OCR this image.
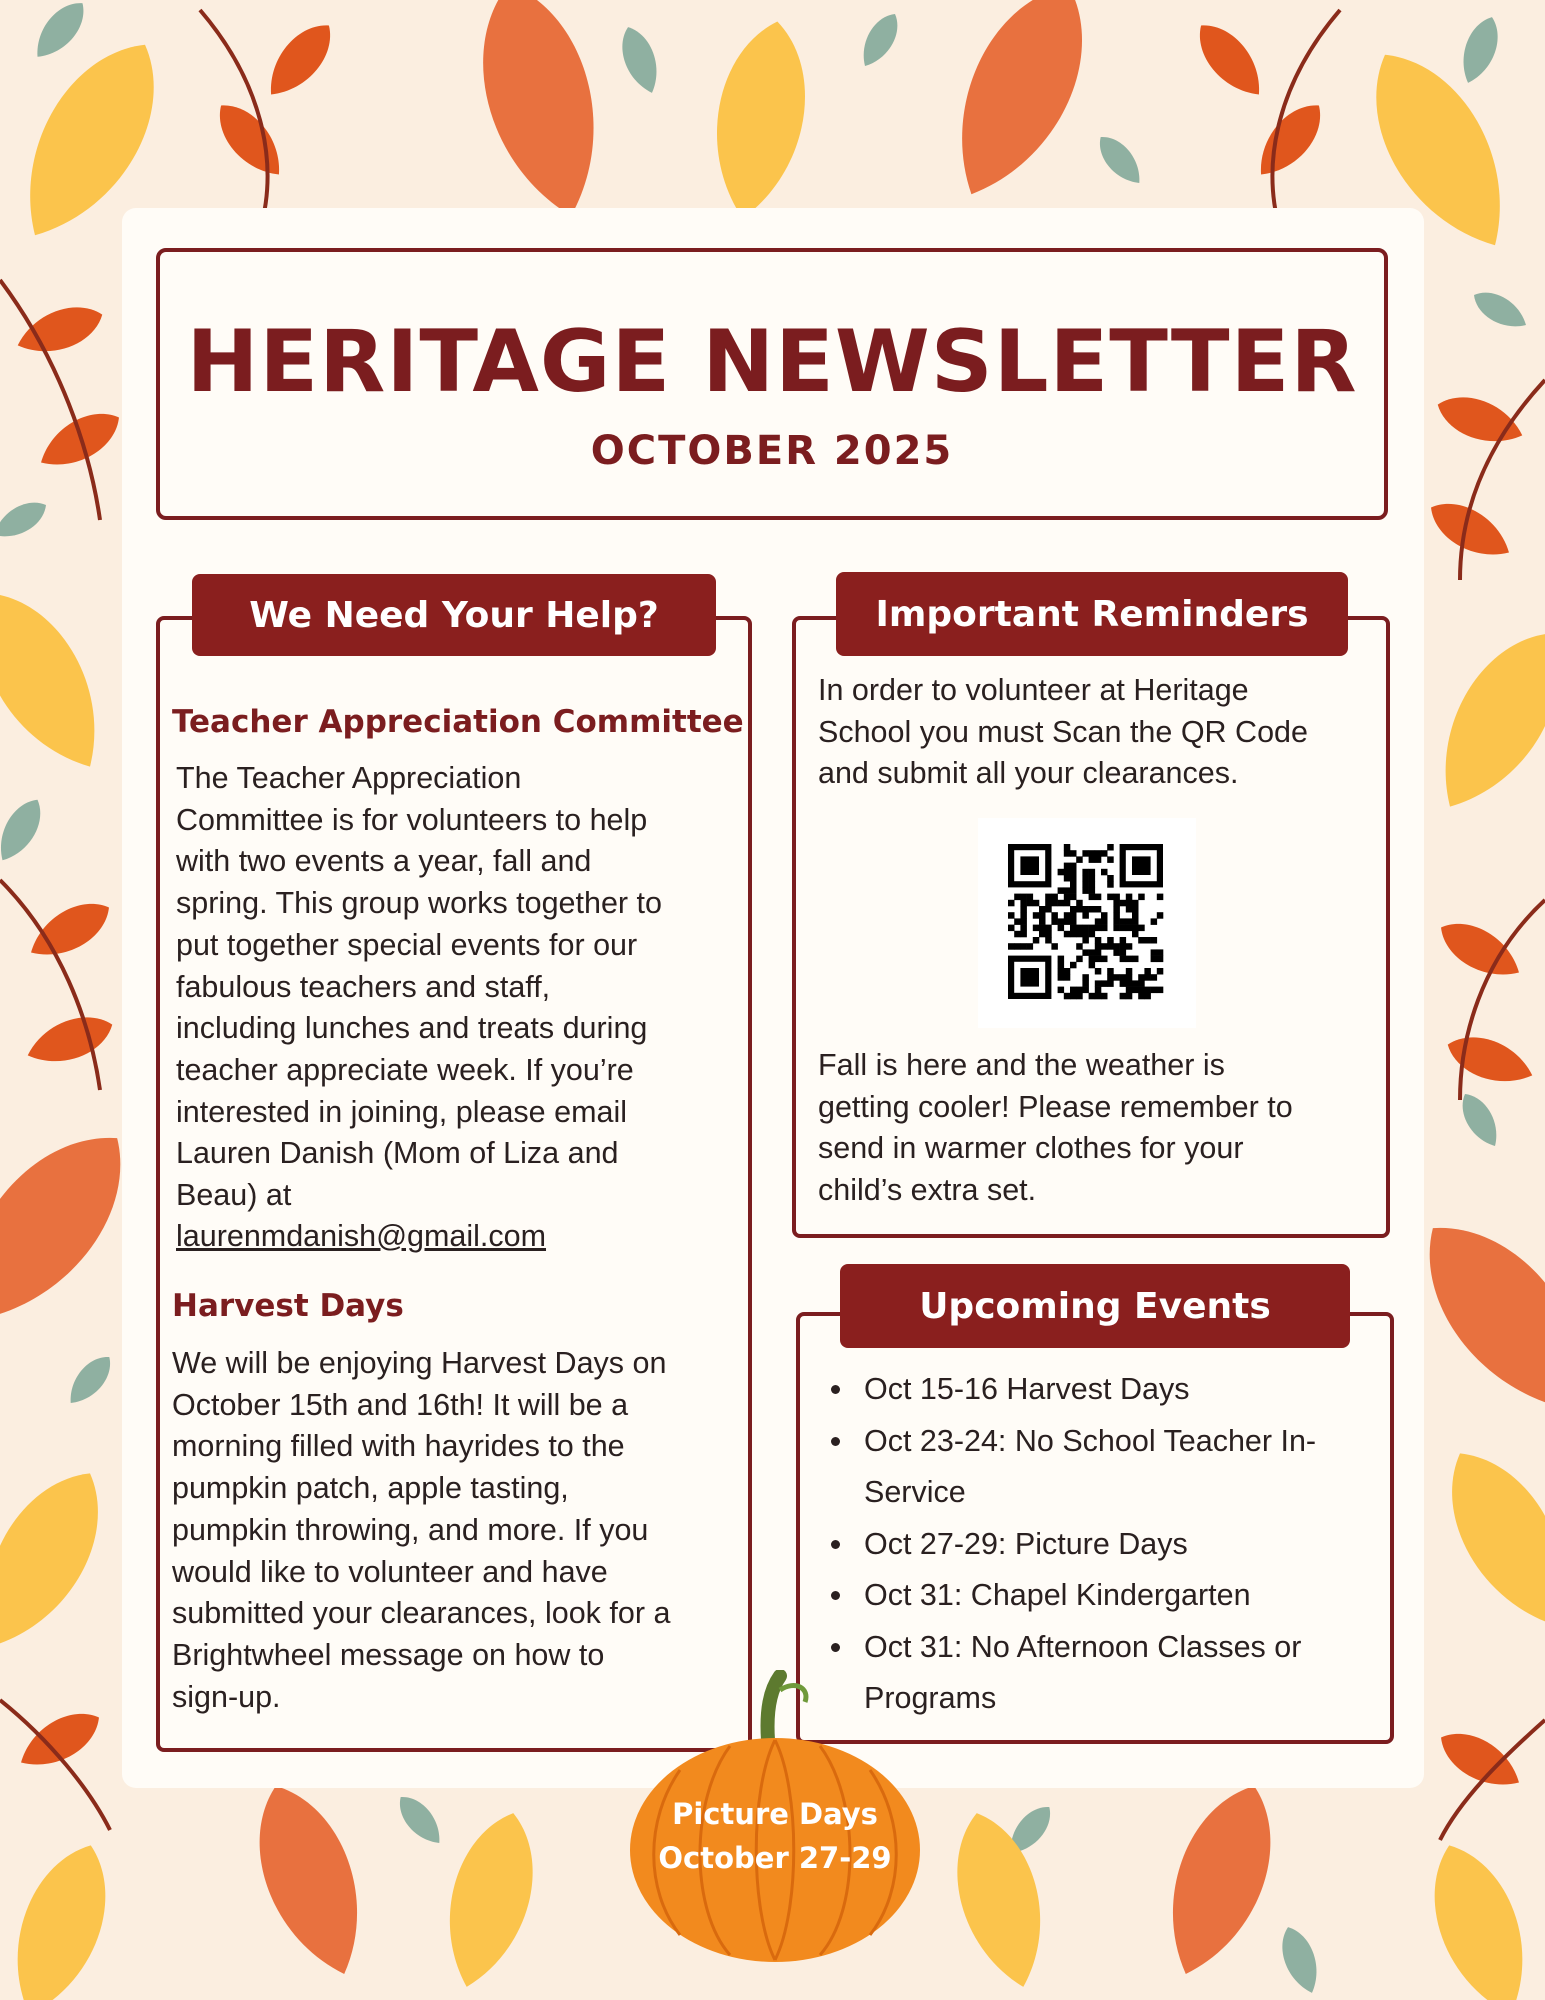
HERITAGE NEWSLETTER
OCTOBER 2025
We Need Your Help?
Teacher Appreciation Committee
The Teacher Appreciation
Committee is for volunteers to help
with two events a year, fall and
spring. This group works together to
put together special events for our
fabulous teachers and staff,
including lunches and treats during
teacher appreciate week. If you’re
interested in joining, please email
Lauren Danish (Mom of Liza and
Beau) at
laurenmdanish@gmail.com
Harvest Days
We will be enjoying Harvest Days on
October 15th and 16th! It will be a
morning filled with hayrides to the
pumpkin patch, apple tasting,
pumpkin throwing, and more. If you
would like to volunteer and have
submitted your clearances, look for a
Brightwheel message on how to
sign-up.
Important Reminders
In order to volunteer at Heritage
School you must Scan the QR Code
and submit all your clearances.
Fall is here and the weather is
getting cooler! Please remember to
send in warmer clothes for your
child’s extra set.
Upcoming Events
• Oct 15-16 Harvest Days
• Oct 23-24: No School Teacher In-Service
• Oct 27-29: Picture Days
• Oct 31: Chapel Kindergarten
• Oct 31: No Afternoon Classes or Programs
Picture Days
October 27-29
